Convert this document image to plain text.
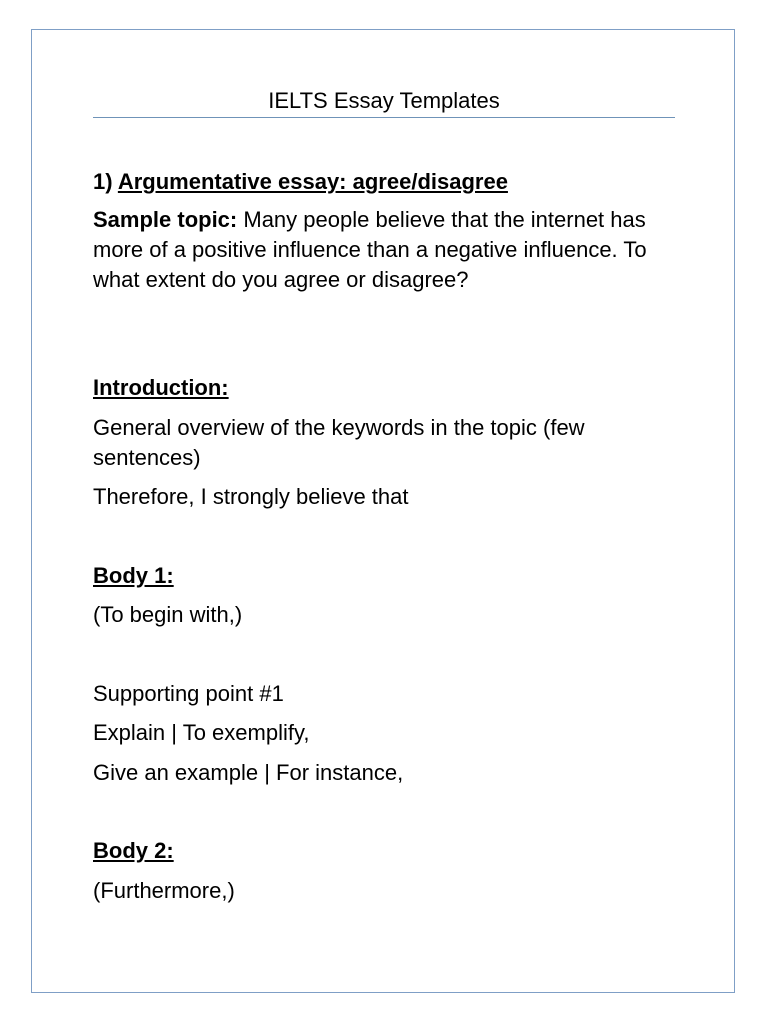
IELTS Essay Templates

1) Argumentative essay: agree/disagree

Sample topic: Many people believe that the internet has more of a positive influence than a negative influence. To what extent do you agree or disagree?

Introduction:

General overview of the keywords in the topic (few sentences)

Therefore, I strongly believe that

Body 1:

(To begin with,)

Supporting point #1

Explain | To exemplify,

Give an example | For instance,

Body 2:

(Furthermore,)
